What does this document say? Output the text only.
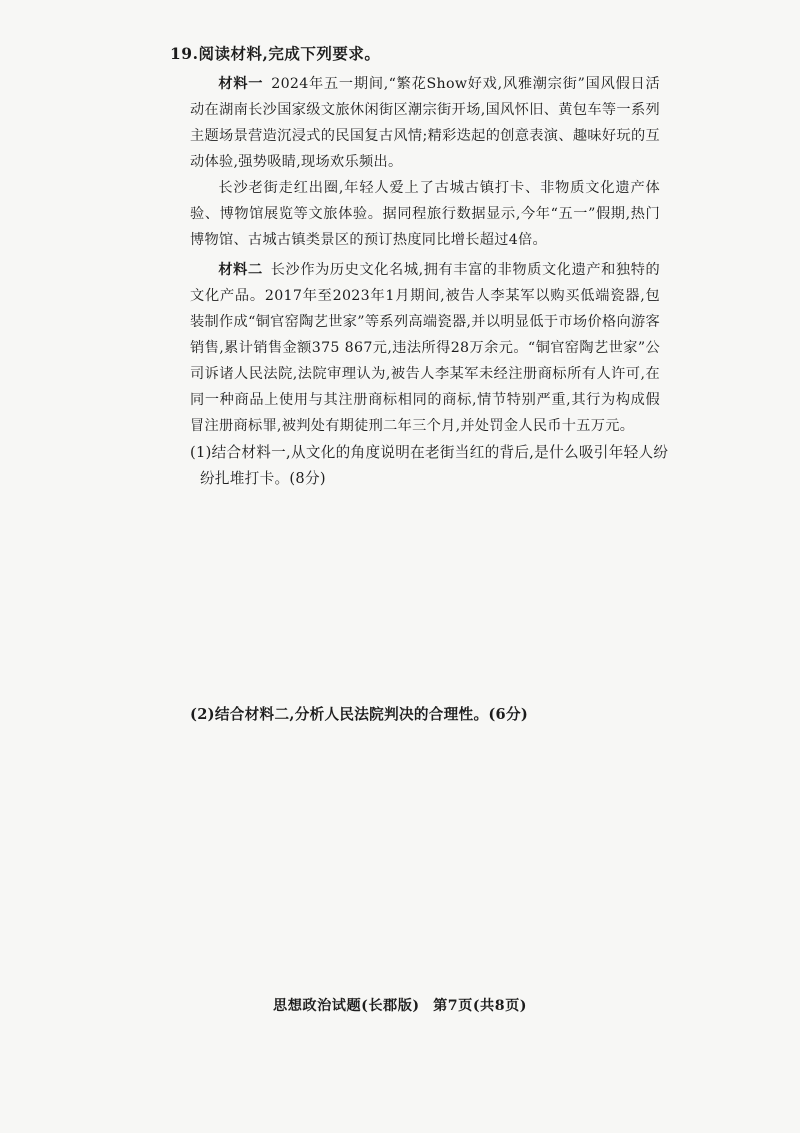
19.阅读材料,完成下列要求。

材料一 2024年五一期间,“繁花Show好戏,风雅潮宗街”国风假日活动在湖南长沙国家级文旅休闲街区潮宗街开场,国风怀旧、黄包车等一系列主题场景营造沉浸式的民国复古风情;精彩迭起的创意表演、趣味好玩的互动体验,强势吸睛,现场欢乐频出。

长沙老街走红出圈,年轻人爱上了古城古镇打卡、非物质文化遗产体验、博物馆展览等文旅体验。据同程旅行数据显示,今年“五一”假期,热门博物馆、古城古镇类景区的预订热度同比增长超过4倍。

材料二 长沙作为历史文化名城,拥有丰富的非物质文化遗产和独特的文化产品。2017年至2023年1月期间,被告人李某军以购买低端瓷器,包装制作成“铜官窑陶艺世家”等系列高端瓷器,并以明显低于市场价格向游客销售,累计销售金额375 867元,违法所得28万余元。“铜官窑陶艺世家”公司诉诸人民法院,法院审理认为,被告人李某军未经注册商标所有人许可,在同一种商品上使用与其注册商标相同的商标,情节特别严重,其行为构成假冒注册商标罪,被判处有期徒刑二年三个月,并处罚金人民币十五万元。

(1)结合材料一,从文化的角度说明在老街当红的背后,是什么吸引年轻人纷
纷扎堆打卡。(8分)
(2)结合材料二,分析人民法院判决的合理性。(6分)
思想政治试题(长郡版) 第7页(共8页)
